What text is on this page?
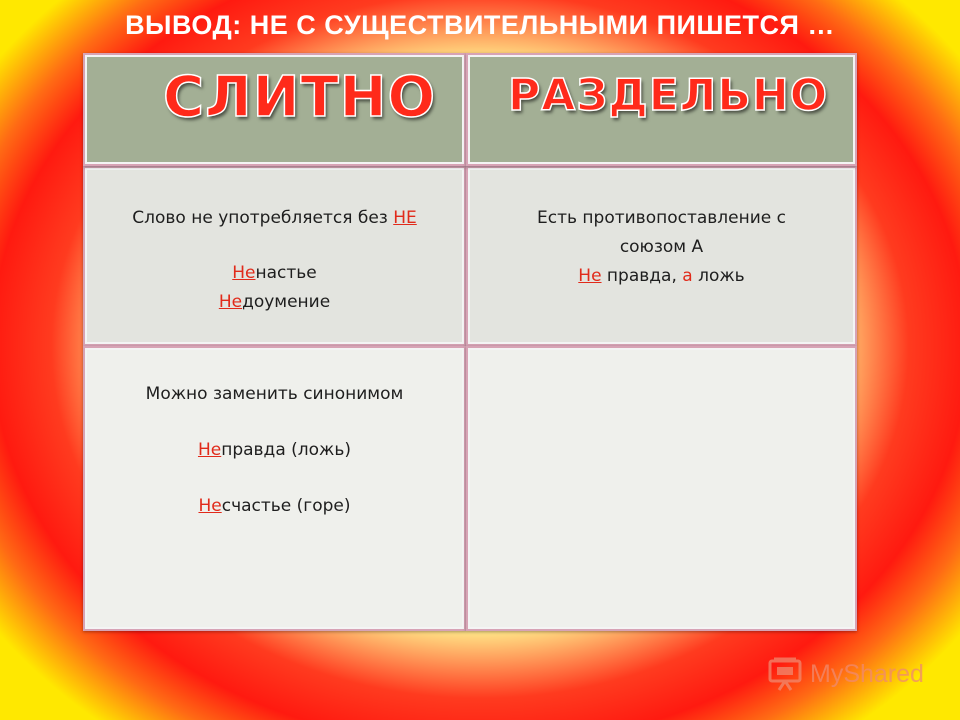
ВЫВОД: НЕ С СУЩЕСТВИТЕЛЬНЫМИ ПИШЕТСЯ …
СЛИТНО РАЗДЕЛЬНО
Слово не употребляется без НЕ
Ненастье
Недоумение
Есть противопоставление с
союзом А
Не правда, а ложь
Можно заменить синонимом
Неправда (ложь)
Несчастье (горе)
MyShared
